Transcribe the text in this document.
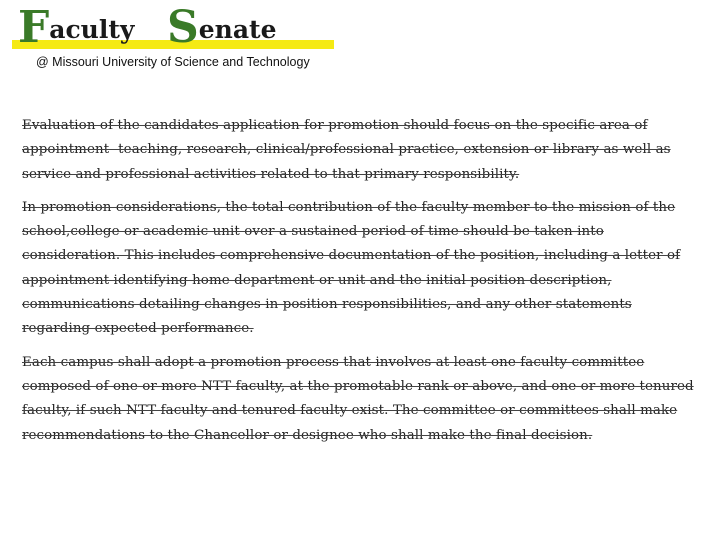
Faculty Senate
@ Missouri University of Science and Technology

Evaluation of the candidates application for promotion should focus on the specific area of appointment- teaching, research, clinical/professional practice, extension or library as well as service and professional activities related to that primary responsibility.

In promotion considerations, the total contribution of the faculty member to the mission of the school,college or academic unit over a sustained period of time should be taken into consideration. This includes comprehensive documentation of the position, including a letter of appointment identifying home department or unit and the initial position description, communications detailing changes in position responsibilities, and any other statements regarding expected performance.

Each campus shall adopt a promotion process that involves at least one faculty committee composed of one or more NTT faculty, at the promotable rank or above, and one or more tenured faculty, if such NTT faculty and tenured faculty exist. The committee or committees shall make recommendations to the Chancellor or designee who shall make the final decision.
